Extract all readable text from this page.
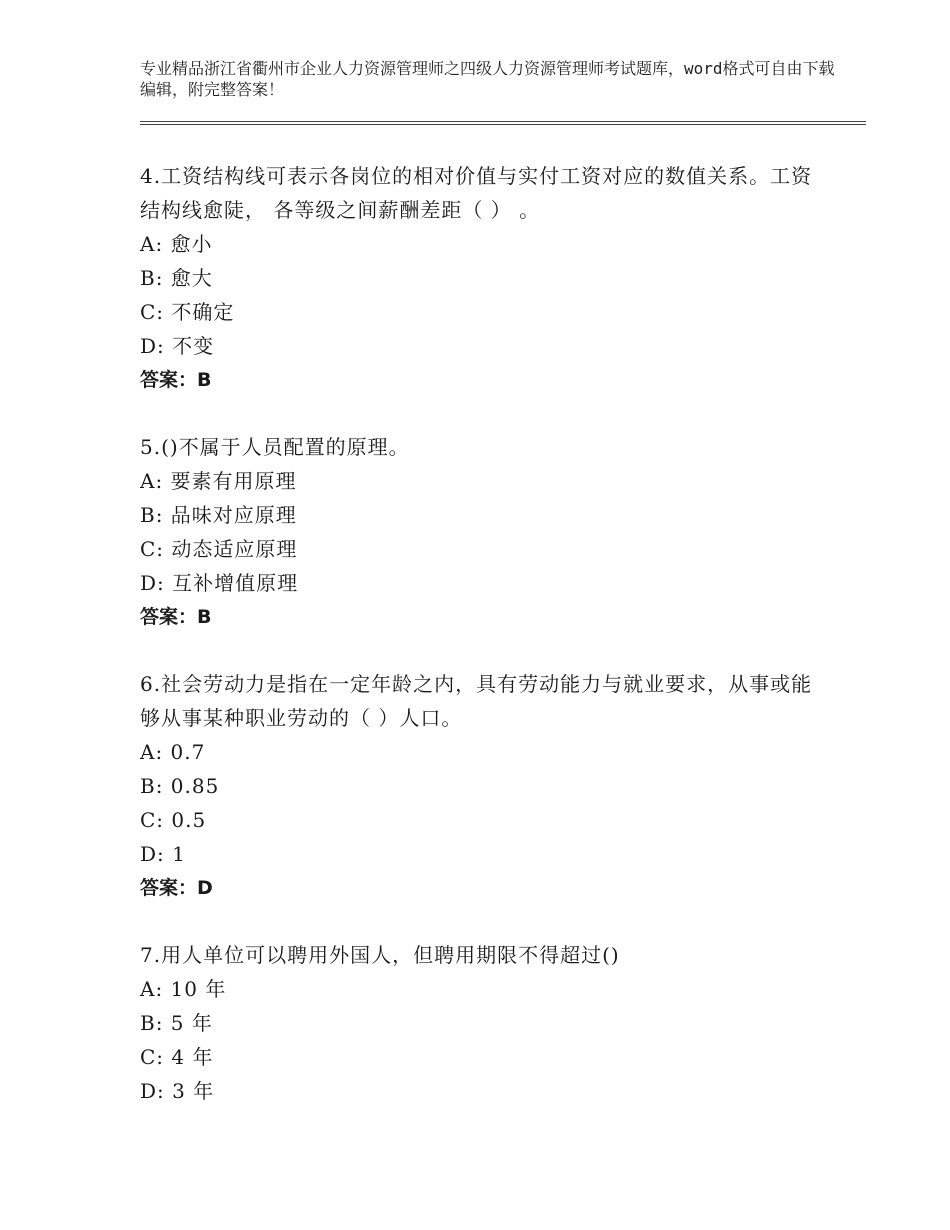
专业精品浙江省衢州市企业人力资源管理师之四级人力资源管理师考试题库，word格式可自由下载编辑，附完整答案！

4.工资结构线可表示各岗位的相对价值与实付工资对应的数值关系。工资结构线愈陡， 各等级之间薪酬差距（ ） 。

A: 愈小

B: 愈大

C: 不确定

D: 不变

答案：B

5.()不属于人员配置的原理。

A: 要素有用原理

B: 品味对应原理

C: 动态适应原理

D: 互补增值原理

答案：B

6.社会劳动力是指在一定年龄之内，具有劳动能力与就业要求，从事或能够从事某种职业劳动的（ ）人口。

A: 0.7

B: 0.85

C: 0.5

D: 1

答案：D

7.用人单位可以聘用外国人，但聘用期限不得超过()

A: 10 年

B: 5 年

C: 4 年

D: 3 年
